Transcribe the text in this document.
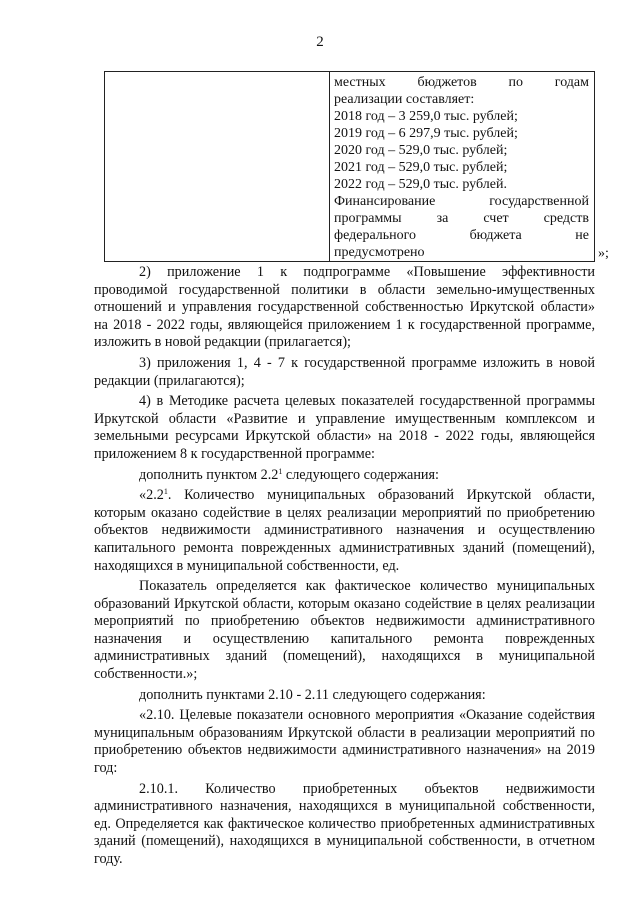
2
местных бюджетов по годам
реализации составляет:
2018 год – 3 259,0 тыс. рублей;
2019 год – 6 297,9 тыс. рублей;
2020 год – 529,0 тыс. рублей;
2021 год – 529,0 тыс. рублей;
2022 год – 529,0 тыс. рублей.
Финансирование государственной
программы за счет средств
федерального бюджета не
предусмотрено	»;

2) приложение 1 к подпрограмме «Повышение эффективности проводимой государственной политики в области земельно-имущественных отношений и управления государственной собственностью Иркутской области» на 2018 - 2022 годы, являющейся приложением 1 к государственной программе, изложить в новой редакции (прилагается);

3) приложения 1, 4 - 7 к государственной программе изложить в новой редакции (прилагаются);

4) в Методике расчета целевых показателей государственной программы Иркутской области «Развитие и управление имущественным комплексом и земельными ресурсами Иркутской области» на 2018 - 2022 годы, являющейся приложением 8 к государственной программе:

дополнить пунктом $2.2^1$ следующего содержания:

«$2.2^1$. Количество муниципальных образований Иркутской области, которым оказано содействие в целях реализации мероприятий по приобретению объектов недвижимости административного назначения и осуществлению капитального ремонта поврежденных административных зданий (помещений), находящихся в муниципальной собственности, ед.

Показатель определяется как фактическое количество муниципальных образований Иркутской области, которым оказано содействие в целях реализации мероприятий по приобретению объектов недвижимости административного назначения и осуществлению капитального ремонта поврежденных административных зданий (помещений), находящихся в муниципальной собственности.»;

дополнить пунктами 2.10 - 2.11 следующего содержания:

«2.10. Целевые показатели основного мероприятия «Оказание содействия муниципальным образованиям Иркутской области в реализации мероприятий по приобретению объектов недвижимости административного назначения» на 2019 год:

2.10.1. Количество приобретенных объектов недвижимости административного назначения, находящихся в муниципальной собственности, ед. Определяется как фактическое количество приобретенных административных зданий (помещений), находящихся в муниципальной собственности, в отчетном году.
